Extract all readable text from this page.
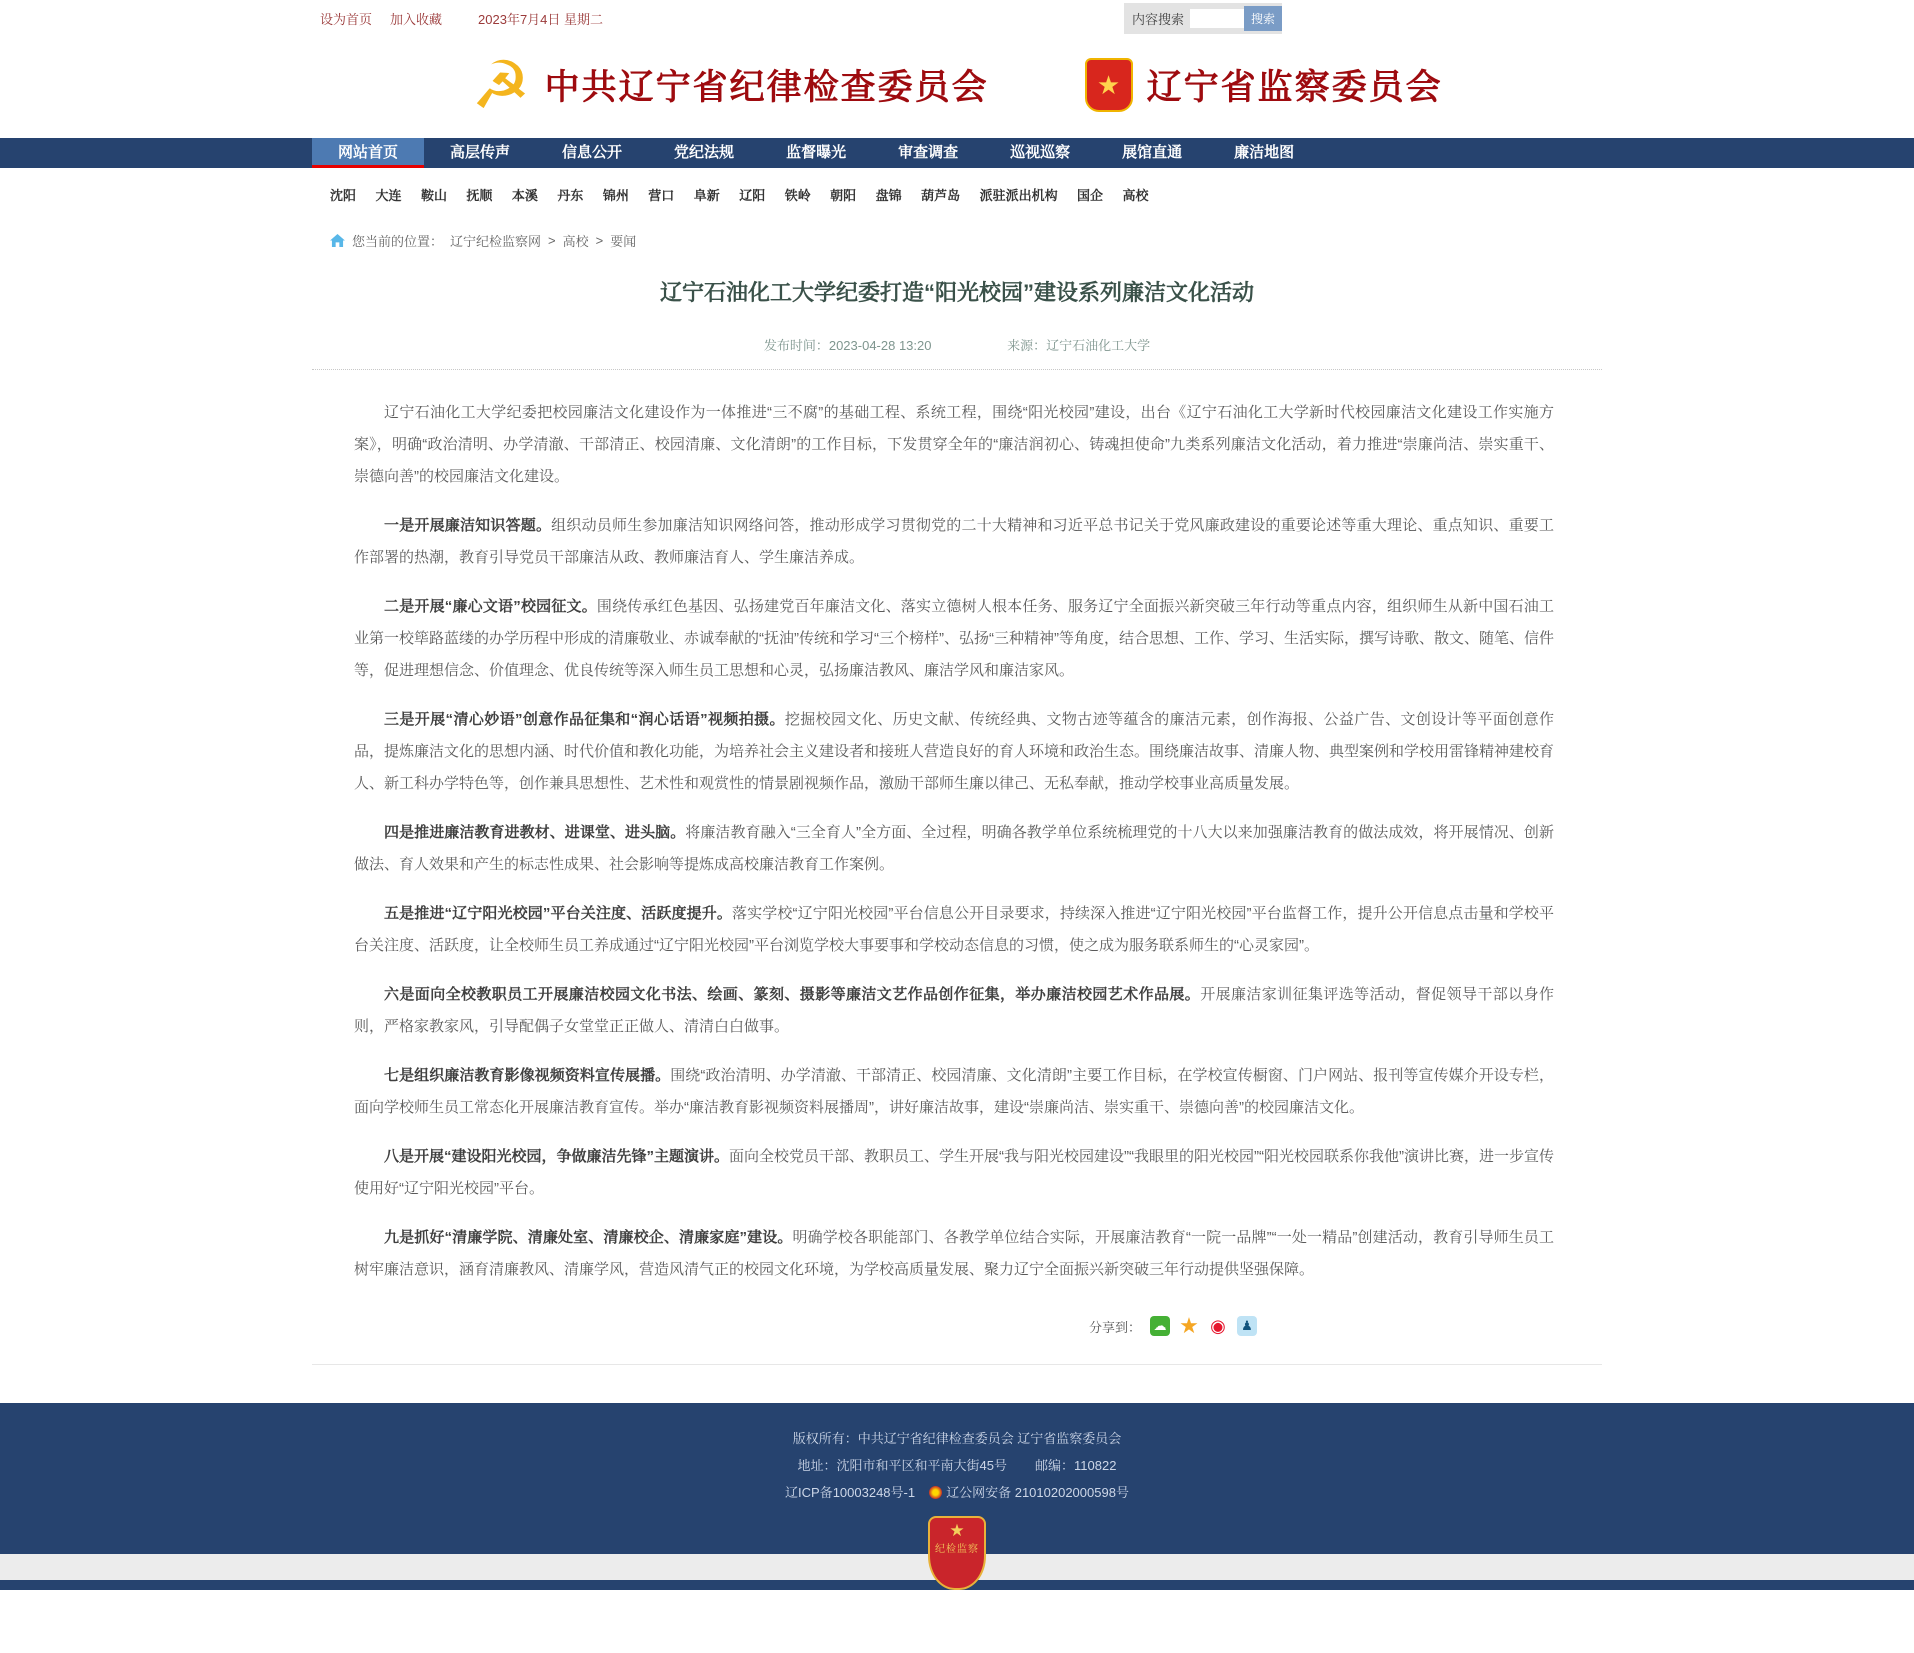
设为首页 加入收藏	2023年7月4日 星期二	内容搜索	搜索
☭ 中共辽宁省纪律检查委员会	★ 辽宁省监察委员会
网站首页	高层传声	信息公开	党纪法规	监督曝光	审查调查	巡视巡察	展馆直通	廉洁地图
沈阳 大连 鞍山 抚顺 本溪 丹东 锦州 营口 阜新 辽阳 铁岭 朝阳 盘锦 葫芦岛 派驻派出机构 国企 高校
您当前的位置： 辽宁纪检监察网 > 高校 > 要闻
辽宁石油化工大学纪委打造“阳光校园”建设系列廉洁文化活动
发布时间：2023-04-28 13:20	来源：辽宁石油化工大学

辽宁石油化工大学纪委把校园廉洁文化建设作为一体推进“三不腐”的基础工程、系统工程，围绕“阳光校园”建设，出台《辽宁石油化工大学新时代校园廉洁文化建设工作实施方案》，明确“政治清明、办学清澈、干部清正、校园清廉、文化清朗”的工作目标，下发贯穿全年的“廉洁润初心、铸魂担使命”九类系列廉洁文化活动，着力推进“崇廉尚洁、崇实重干、崇德向善”的校园廉洁文化建设。

一是开展廉洁知识答题。组织动员师生参加廉洁知识网络问答，推动形成学习贯彻党的二十大精神和习近平总书记关于党风廉政建设的重要论述等重大理论、重点知识、重要工作部署的热潮，教育引导党员干部廉洁从政、教师廉洁育人、学生廉洁养成。

二是开展“廉心文语”校园征文。围绕传承红色基因、弘扬建党百年廉洁文化、落实立德树人根本任务、服务辽宁全面振兴新突破三年行动等重点内容，组织师生从新中国石油工业第一校筚路蓝缕的办学历程中形成的清廉敬业、赤诚奉献的“抚油”传统和学习“三个榜样”、弘扬“三种精神”等角度，结合思想、工作、学习、生活实际，撰写诗歌、散文、随笔、信件等，促进理想信念、价值理念、优良传统等深入师生员工思想和心灵，弘扬廉洁教风、廉洁学风和廉洁家风。

三是开展“清心妙语”创意作品征集和“润心话语”视频拍摄。挖掘校园文化、历史文献、传统经典、文物古迹等蕴含的廉洁元素，创作海报、公益广告、文创设计等平面创意作品，提炼廉洁文化的思想内涵、时代价值和教化功能，为培养社会主义建设者和接班人营造良好的育人环境和政治生态。围绕廉洁故事、清廉人物、典型案例和学校用雷锋精神建校育人、新工科办学特色等，创作兼具思想性、艺术性和观赏性的情景剧视频作品，激励干部师生廉以律己、无私奉献，推动学校事业高质量发展。

四是推进廉洁教育进教材、进课堂、进头脑。将廉洁教育融入“三全育人”全方面、全过程，明确各教学单位系统梳理党的十八大以来加强廉洁教育的做法成效，将开展情况、创新做法、育人效果和产生的标志性成果、社会影响等提炼成高校廉洁教育工作案例。

五是推进“辽宁阳光校园”平台关注度、活跃度提升。落实学校“辽宁阳光校园”平台信息公开目录要求，持续深入推进“辽宁阳光校园”平台监督工作，提升公开信息点击量和学校平台关注度、活跃度，让全校师生员工养成通过“辽宁阳光校园”平台浏览学校大事要事和学校动态信息的习惯，使之成为服务联系师生的“心灵家园”。

六是面向全校教职员工开展廉洁校园文化书法、绘画、篆刻、摄影等廉洁文艺作品创作征集，举办廉洁校园艺术作品展。开展廉洁家训征集评选等活动，督促领导干部以身作则，严格家教家风，引导配偶子女堂堂正正做人、清清白白做事。

七是组织廉洁教育影像视频资料宣传展播。围绕“政治清明、办学清澈、干部清正、校园清廉、文化清朗”主要工作目标，在学校宣传橱窗、门户网站、报刊等宣传媒介开设专栏，面向学校师生员工常态化开展廉洁教育宣传。举办“廉洁教育影视频资料展播周”，讲好廉洁故事，建设“崇廉尚洁、崇实重干、崇德向善”的校园廉洁文化。

八是开展“建设阳光校园，争做廉洁先锋”主题演讲。面向全校党员干部、教职员工、学生开展“我与阳光校园建设”“我眼里的阳光校园”“阳光校园联系你我他”演讲比赛，进一步宣传使用好“辽宁阳光校园”平台。

九是抓好“清廉学院、清廉处室、清廉校企、清廉家庭”建设。明确学校各职能部门、各教学单位结合实际，开展廉洁教育“一院一品牌”“一处一精品”创建活动，教育引导师生员工树牢廉洁意识，涵育清廉教风、清廉学风，营造风清气正的校园文化环境，为学校高质量发展、聚力辽宁全面振兴新突破三年行动提供坚强保障。

分享到： ☁ ★ ◉	♟
版权所有：中共辽宁省纪律检查委员会 辽宁省监察委员会
地址：沈阳市和平区和平南大街45号 邮编：110822
辽ICP备10003248号-1 辽公网安备 21010202000598号
★
纪检监察
